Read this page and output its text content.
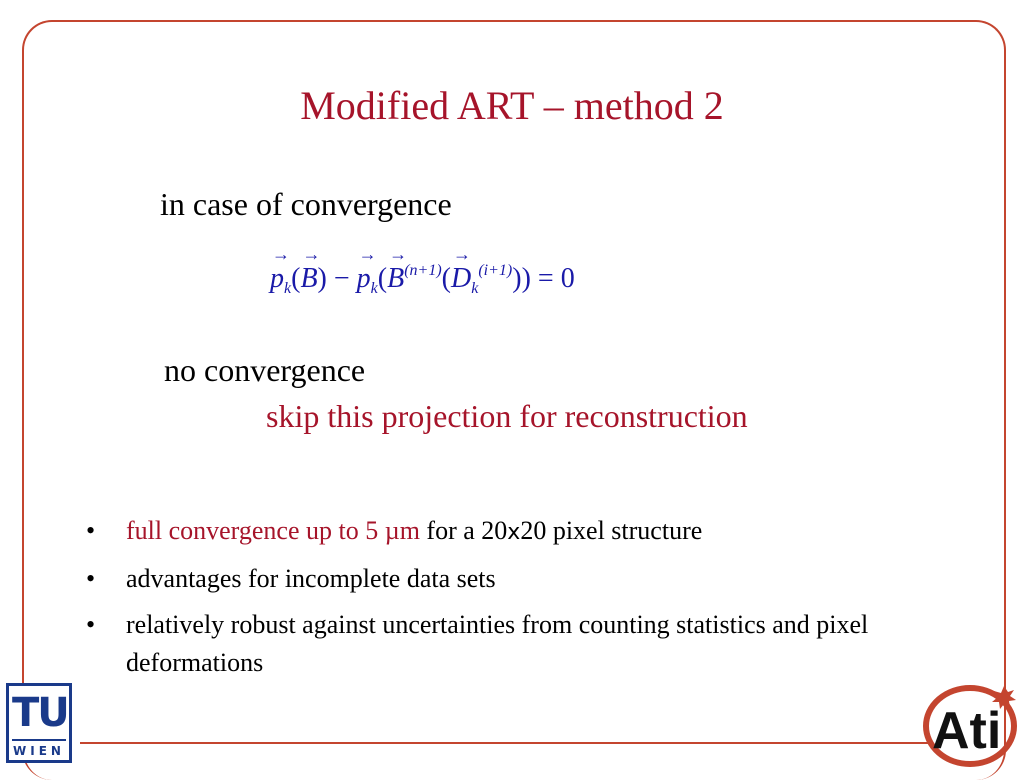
Modified ART – method 2
in case of convergence
→
$p_k$(
→
B) −
→
$p_k$(
→
$B^{(n+1)}$(
→
$D_k^{(i+1)})) = 0$
no convergence
skip this projection for reconstruction
• full convergence up to 5 µm for a 20x20 pixel structure
• advantages for incomplete data sets
• relatively robust against uncertainties from counting statistics and pixel deformations
TU
WIEN	Ati
